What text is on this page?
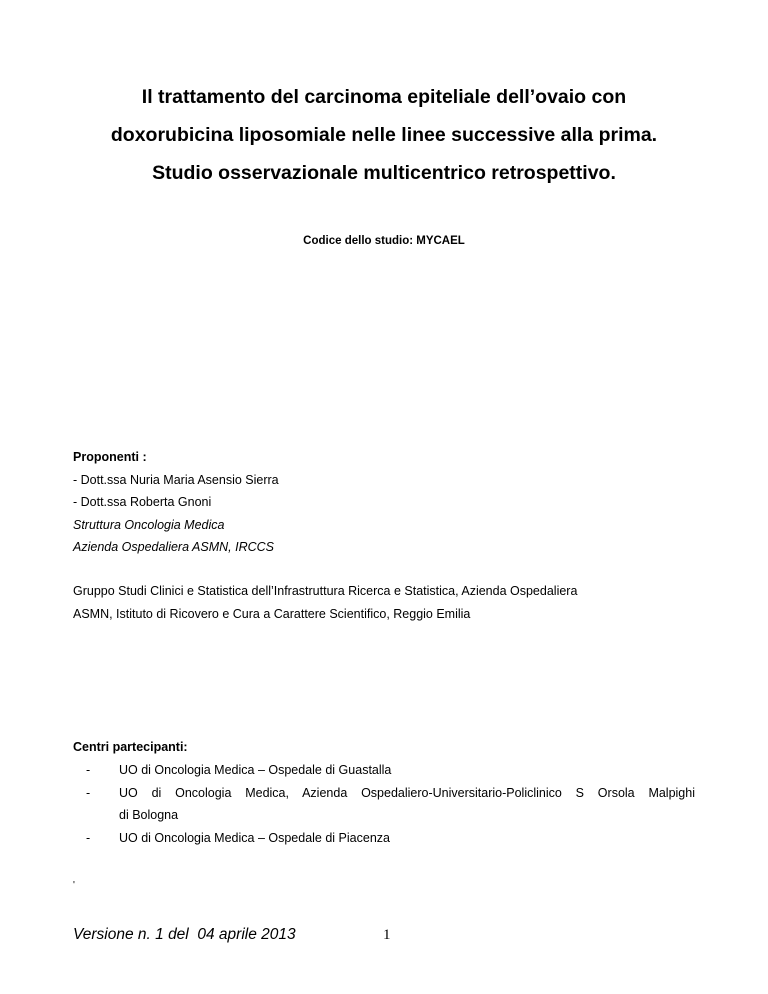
Il trattamento del carcinoma epiteliale dell’ovaio con
doxorubicina liposomiale nelle linee successive alla prima.
Studio osservazionale multicentrico retrospettivo.
Codice dello studio: MYCAEL
Proponenti :
- Dott.ssa Nuria Maria Asensio Sierra
- Dott.ssa Roberta Gnoni
Struttura Oncologia Medica
Azienda Ospedaliera ASMN, IRCCS
Gruppo Studi Clinici e Statistica dell’Infrastruttura Ricerca e Statistica, Azienda Ospedaliera
ASMN, Istituto di Ricovero e Cura a Carattere Scientifico, Reggio Emilia
Centri partecipanti:
- UO di Oncologia Medica – Ospedale di Guastalla
- UO di Oncologia Medica, Azienda Ospedaliero-Universitario-Policlinico S Orsola Malpighi
di Bologna
- UO di Oncologia Medica – Ospedale di Piacenza
'
Versione n. 1 del  04 aprile 2013	1
